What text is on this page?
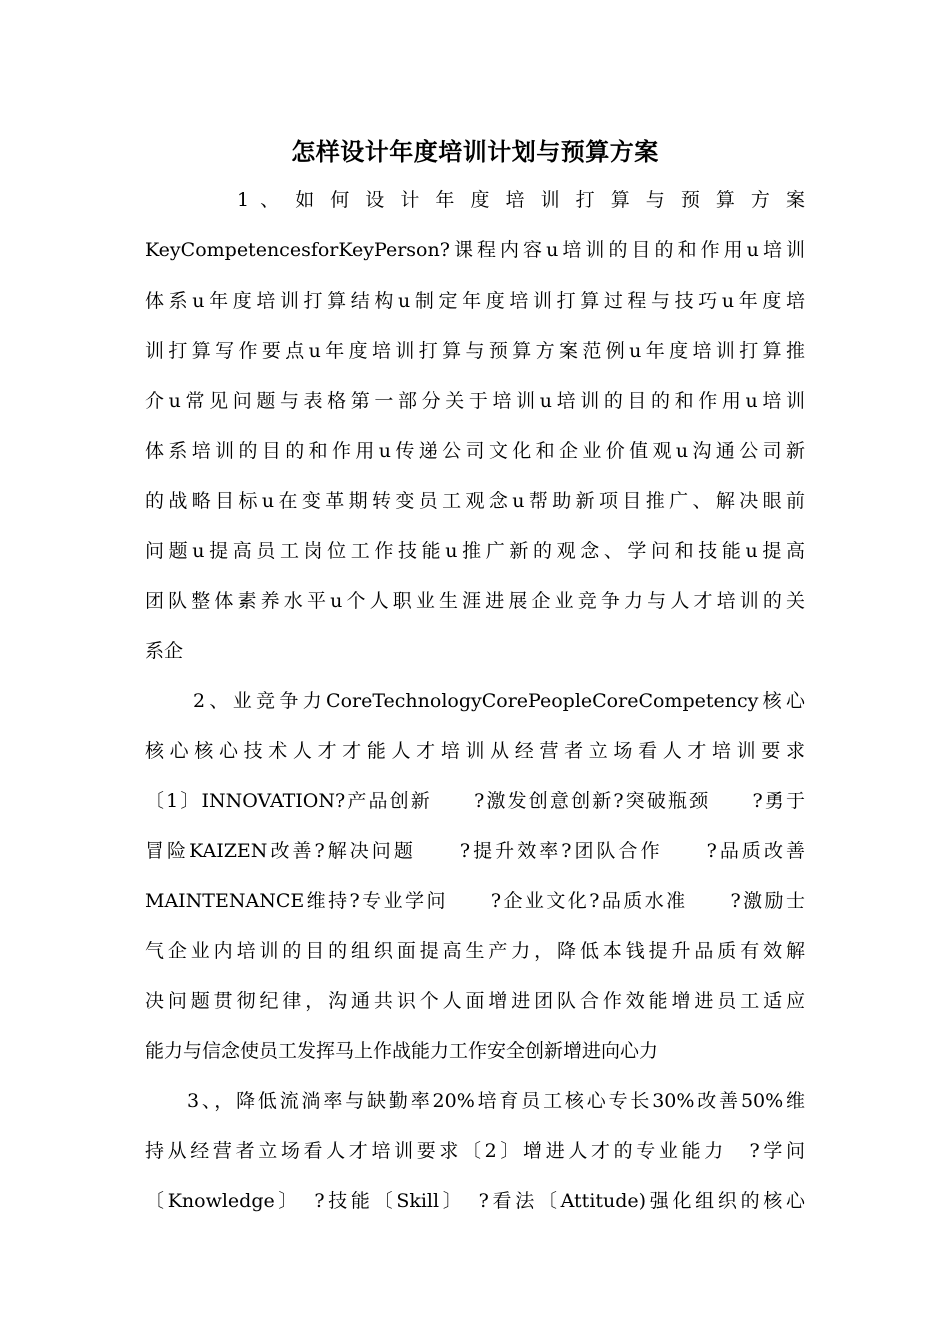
怎样设计年度培训计划与预算方案
1 、 如 何 设 计 年 度 培 训 打 算 与 预 算 方 案
KeyCompetencesforKeyPerson?课程内容u培训的目的和作用u培训
体系u年度培训打算结构u制定年度培训打算过程与技巧u年度培
训打算写作要点u年度培训打算与预算方案范例u年度培训打算推
介u常见问题与表格第一部分关于培训u培训的目的和作用u培训
体系培训的目的和作用u传递公司文化和企业价值观u沟通公司新
的战略目标u在变革期转变员工观念u帮助新项目推广、解决眼前
问题u提高员工岗位工作技能u推广新的观念、学问和技能u提高
团队整体素养水平u个人职业生涯进展企业竞争力与人才培训的关
系企
2、业竞争力CoreTechnologyCorePeopleCoreCompetency核心
核心核心技术人才才能人才培训从经营者立场看人才培训要求
〔1〕INNOVATION?产品创新　　?激发创意创新?突破瓶颈　　?勇于
冒险KAIZEN改善?解决问题　　?提升效率?团队合作　　?品质改善
MAINTENANCE维持?专业学问　　?企业文化?品质水准　　?激励士
气企业内培训的目的组织面提高生产力，降低本钱提升品质有效解
决问题贯彻纪律，沟通共识个人面增进团队合作效能增进员工适应
能力与信念使员工发挥马上作战能力工作安全创新增进向心力
3、，降低流淌率与缺勤率20%培育员工核心专长30%改善50%维
持从经营者立场看人才培训要求〔2〕增进人才的专业能力　?学问
〔Knowledge〕　?技能〔Skill〕　?看法〔Attitude)强化组织的核心
